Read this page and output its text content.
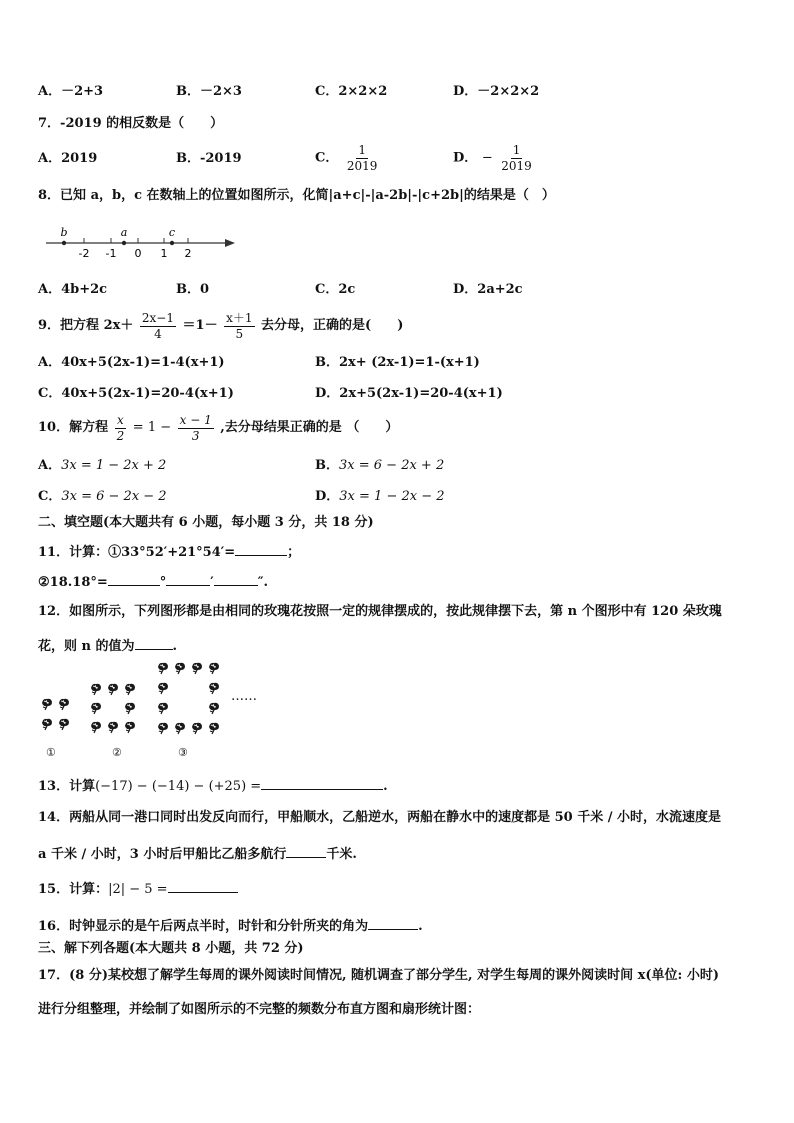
A．－2+3	B．－2×3	C．2×2×2	D．－2×2×2
7．-2019 的相反数是（　　）
A．2019	B．-2019	C． $\frac{1}{2019}$	D． − $\frac{1}{2019}$
8．已知 a，b，c 在数轴上的位置如图所示，化简|a+c|-|a-2b|-|c+2b|的结果是（　）
-2 -1 0 1 2
b	a	c
A．4b+2c	B．0	C．2c	D．2a+2c
9．把方程 $2x+ \frac{2x-1}{4} =1- \frac{x+1}{5}$ 去分母，正确的是(　　)
A．40x+5(2x-1)=1-4(x+1)	B．2x+ (2x-1)=1-(x+1)
C．40x+5(2x-1)=20-4(x+1)	D．2x+5(2x-1)=20-4(x+1)
10．解方程 $\frac{x}{2} = 1 - \frac{x - 1}{3}$ ,去分母结果正确的是 （　　）
A．3x = 1 − 2x + 2	B．3x = 6 − 2x + 2
C．3x = 6 − 2x − 2	D．3x = 1 − 2x − 2
二、填空题(本大题共有 6 小题，每小题 3 分，共 18 分)
11．计算：①33°52′+21°54′=	；
②18.18°=	°	′	″.
12．如图所示，下列图形都是由相同的玫瑰花按照一定的规律摆成的，按此规律摆下去，第 n 个图形中有 120 朵玫瑰
花，则 n 的值为	.
……
①	②	③
13．计算(−17) − (−14) − (+25) =	.
14．两船从同一港口同时出发反向而行，甲船顺水，乙船逆水，两船在静水中的速度都是 50 千米 / 小时，水流速度是
a 千米 / 小时，3 小时后甲船比乙船多航行	千米.
15．计算：|2| − 5 =
16．时钟显示的是午后两点半时，时针和分针所夹的角为	.
三、解下列各题(本大题共 8 小题，共 72 分)
17．(8 分)某校想了解学生每周的课外阅读时间情况, 随机调查了部分学生, 对学生每周的课外阅读时间 x(单位: 小时)
进行分组整理，并绘制了如图所示的不完整的频数分布直方图和扇形统计图：
